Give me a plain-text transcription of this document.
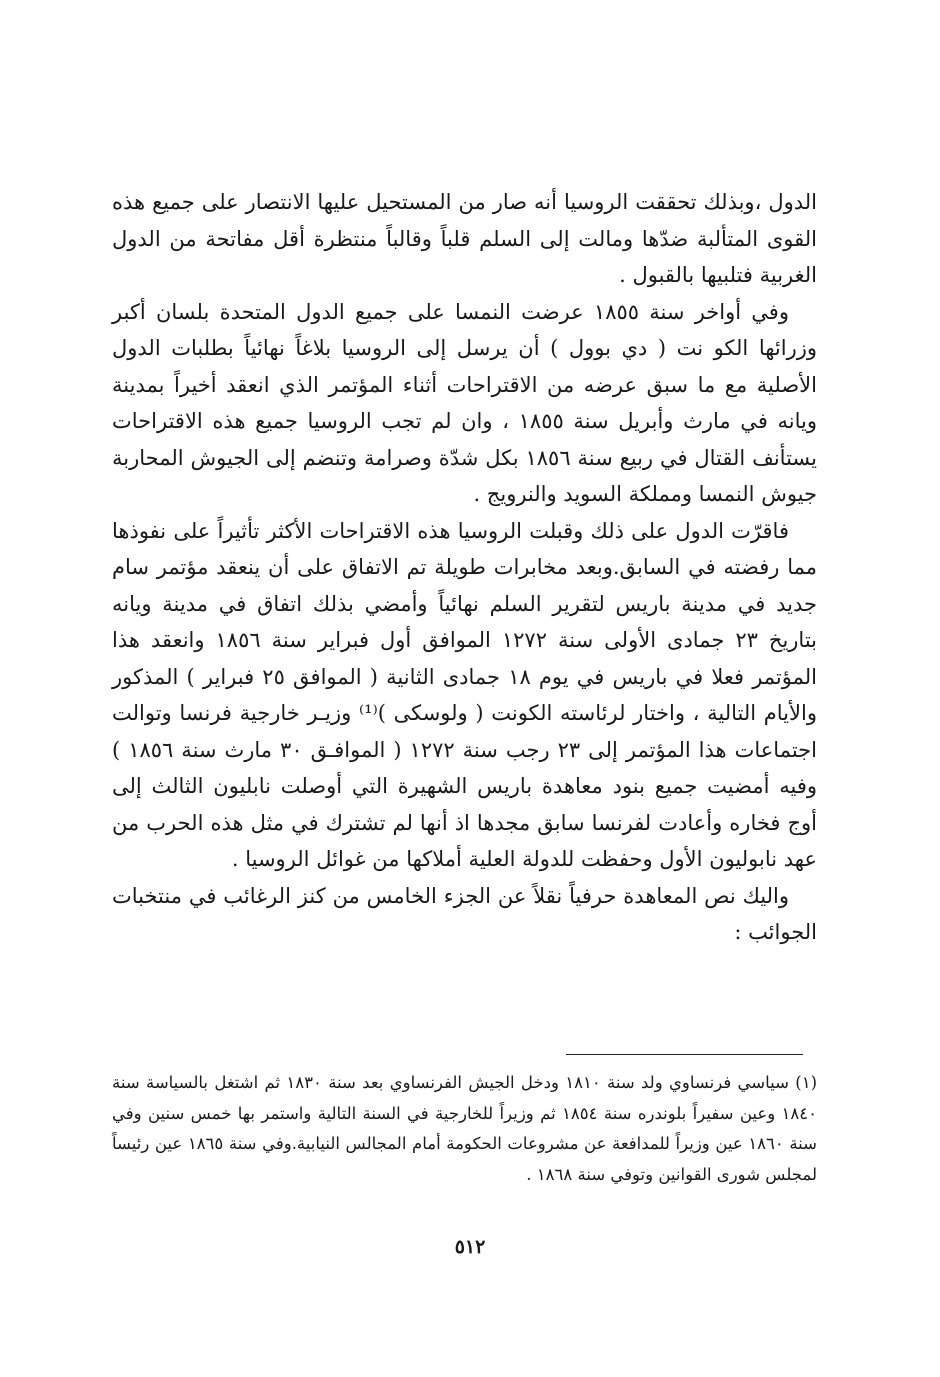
الدول ،وبذلك تحققت الروسيا أنه صار من المستحيل عليها الانتصار على جميع هذه القوى المتألبة ضدّها ومالت إلى السلم قلباً وقالباً منتظرة أقل مفاتحة من الدول الغربية فتلبيها بالقبول .

وفي أواخر سنة ١٨٥٥ عرضت النمسا على جميع الدول المتحدة بلسان أكبر وزرائها الكو نت ( دي بوول ) أن يرسل إلى الروسيا بلاغاً نهائياً بطلبات الدول الأصلية مع ما سبق عرضه من الاقتراحات أثناء المؤتمر الذي انعقد أخيراً بمدينة ويانه في مارث وأبريل سنة ١٨٥٥ ، وان لم تجب الروسيا جميع هذه الاقتراحات يستأنف القتال في ربيع سنة ١٨٥٦ بكل شدّة وصرامة وتنضم إلى الجيوش المحاربة جيوش النمسا ومملكة السويد والنرويج .

فاقرّت الدول على ذلك وقبلت الروسيا هذه الاقتراحات الأكثر تأثيراً على نفوذها مما رفضته في السابق.وبعد مخابرات طويلة تم الاتفاق على أن ينعقد مؤتمر سام جديد في مدينة باريس لتقرير السلم نهائياً وأمضي بذلك اتفاق في مدينة ويانه بتاريخ ٢٣ جمادى الأولى سنة ١٢٧٢ الموافق أول فبراير سنة ١٨٥٦ وانعقد هذا المؤتمر فعلا في باريس في يوم ١٨ جمادى الثانية ( الموافق ٢٥ فبراير ) المذكور والأيام التالية ، واختار لرئاسته الكونت ( ولوسكى )⁽¹⁾ وزيـر خارجية فرنسا وتوالت اجتماعات هذا المؤتمر إلى ٢٣ رجب سنة ١٢٧٢ ( الموافـق ٣٠ مارث سنة ١٨٥٦ ) وفيه أمضيت جميع بنود معاهدة باريس الشهيرة التي أوصلت نابليون الثالث إلى أوج فخاره وأعادت لفرنسا سابق مجدها اذ أنها لم تشترك في مثل هذه الحرب من عهد نابوليون الأول وحفظت للدولة العلية أملاكها من غوائل الروسيا .

واليك نص المعاهدة حرفياً نقلاً عن الجزء الخامس من كنز الرغائب في منتخبات الجوائب :

(١) سياسي فرنساوي ولد سنة ١٨١٠ ودخل الجيش الفرنساوي بعد سنة ١٨٣٠ ثم اشتغل بالسياسة سنة ١٨٤٠ وعين سفيراً بلوندره سنة ١٨٥٤ ثم وزيراً للخارجية في السنة التالية واستمر بها خمس سنين وفي سنة ١٨٦٠ عين وزيراً للمدافعة عن مشروعات الحكومة أمام المجالس النيابية.وفي سنة ١٨٦٥ عين رئيساً لمجلس شورى القوانين وتوفي سنة ١٨٦٨ .

٥١٢
